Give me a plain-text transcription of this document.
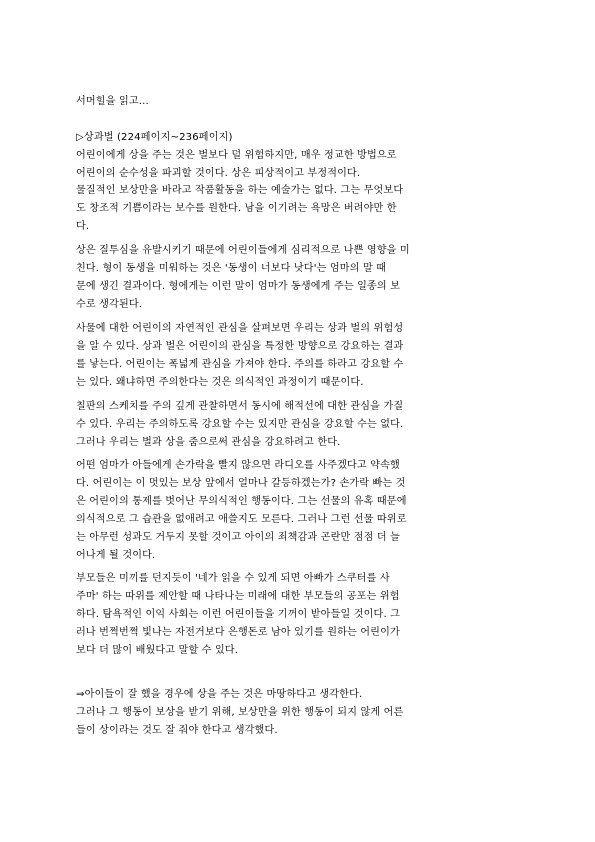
서머힐을 읽고...
▷상과벌 (224페이지~236페이지)
어린이에게 상을 주는 것은 벌보다 덜 위험하지만, 매우 정교한 방법으로
어린이의 순수성을 파괴할 것이다. 상은 피상적이고 부정적이다.
물질적인 보상만을 바라고 작품활동을 하는 예술가는 없다. 그는 무엇보다
도 창조적 기쁨이라는 보수를 원한다. 남을 이기려는 욕망은 버려야만 한
다.
상은 질투심을 유발시키기 때문에 어린이들에게 심리적으로 나쁜 영향을 미
친다. 형이 동생을 미워하는 것은 '동생이 너보다 낫다'는 엄마의 말 때
문에 생긴 결과이다. 형에게는 이런 말이 엄마가 동생에게 주는 일종의 보
수로 생각된다.
사물에 대한 어린이의 자연적인 관심을 살펴보면 우리는 상과 벌의 위험성
을 알 수 있다. 상과 벌은 어린이의 관심을 특정한 방향으로 강요하는 결과
를 낳는다. 어린이는 폭넓게 관심을 가져야 한다. 주의를 하라고 강요할 수
는 있다. 왜냐하면 주의한다는 것은 의식적인 과정이기 때문이다.
칠판의 스케치를 주의 깊게 관찰하면서 동시에 해적선에 대한 관심을 가질
수 있다. 우리는 주의하도록 강요할 수는 있지만 관심을 강요할 수는 없다.
그러나 우리는 벌과 상을 줌으로써 관심을 강요하려고 한다.
어떤 엄마가 아들에게 손가락을 빨지 않으면 라디오를 사주겠다고 약속했
다. 어린이는 이 멋있는 보상 앞에서 얼마나 갈등하겠는가? 손가락 빠는 것
은 어린이의 통제를 벗어난 무의식적인 행동이다. 그는 선물의 유혹 때문에
의식적으로 그 습관을 없애려고 애쓸지도 모른다. 그러나 그런 선물 따위로
는 아무런 성과도 거두지 못할 것이고 아이의 죄책감과 곤란만 점점 더 늘
어나게 될 것이다.
부모들은 미끼를 던지듯이 '네가 읽을 수 있게 되면 아빠가 스쿠터를 사
주마' 하는 따위를 제안할 때 나타나는 미래에 대한 부모들의 공포는 위험
하다. 탐욕적인 이익 사회는 이런 어린이들을 기꺼이 받아들일 것이다. 그
러나 번쩍번쩍 빛나는 자전거보다 은행돈로 남아 있기를 원하는 어린이가
보다 더 많이 배웠다고 말할 수 있다.
⇒아이들이 잘 했을 경우에 상을 주는 것은 마땅하다고 생각한다.
그러나 그 행동이 보상을 받기 위해, 보상만을 위한 행동이 되지 않게 어른
들이 상이라는 것도 잘 줘야 한다고 생각했다.
